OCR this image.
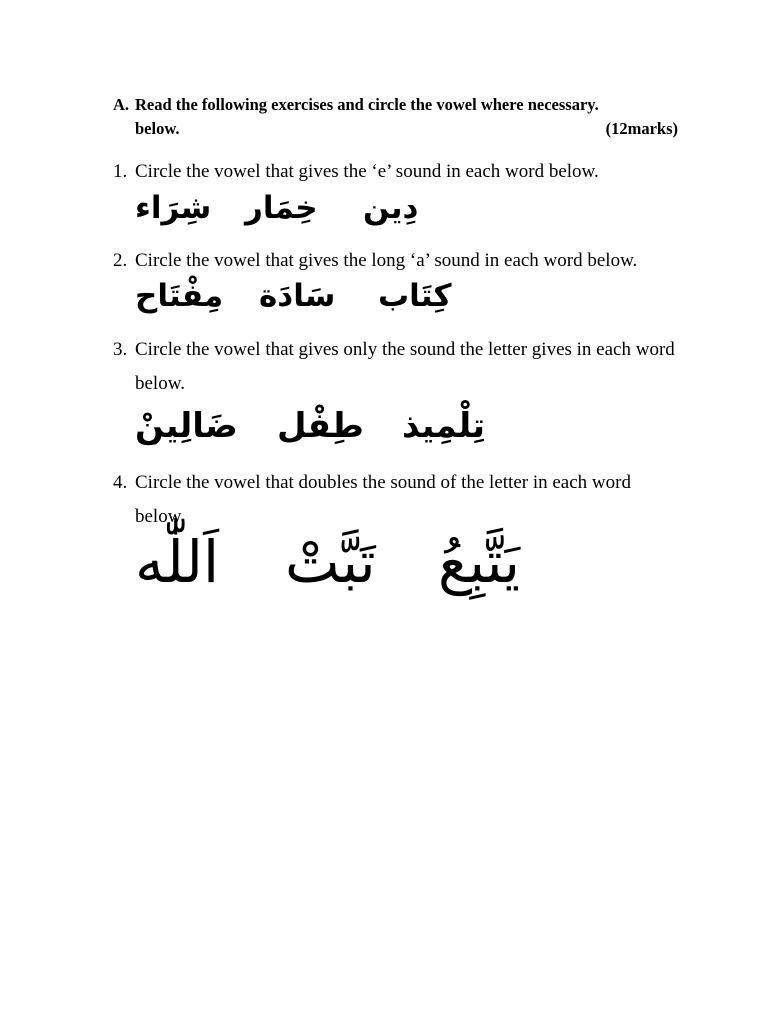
A. Read the following exercises and circle the vowel where necessary.
below.	(12marks)
1. Circle the vowel that gives the ‘e’ sound in each word below.
شِرَاء خِمَار دِين
2. Circle the vowel that gives the long ‘a’ sound in each word below.
مِفْتَاح سَادَة كِتَاب
3. Circle the vowel that gives only the sound the letter gives in each word below.
ضَالِينْ طِفْل تِلْمِيذ
4. Circle the vowel that doubles the sound of the letter in each word below.
اَللّٰه تَبَّتْ يَتَّبِعُ
